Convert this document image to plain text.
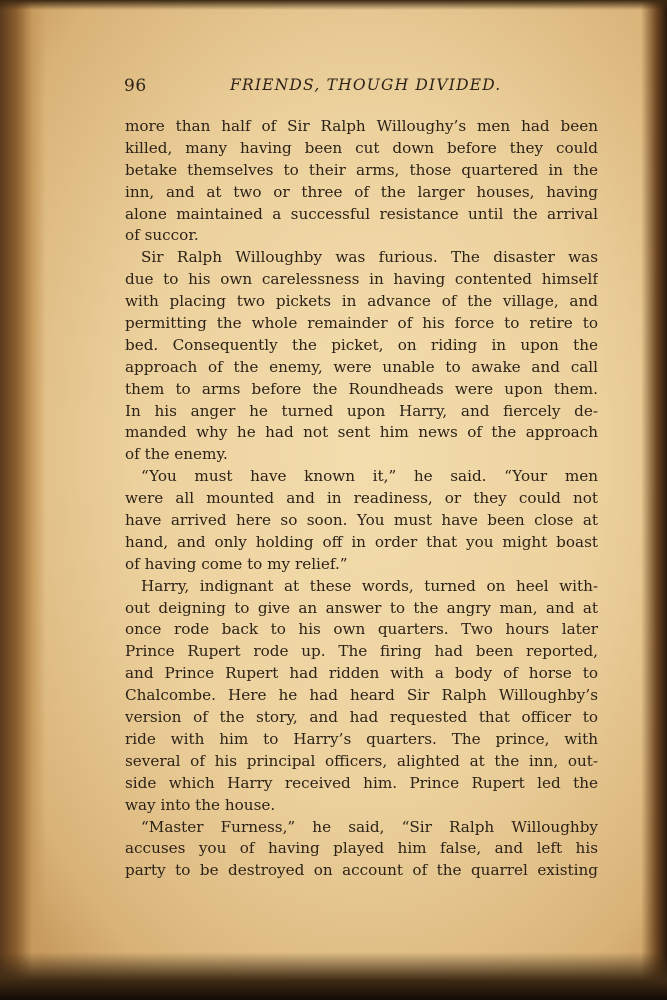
96	FRIENDS, THOUGH DIVIDED.
more than half of Sir Ralph Willoughy’s men had been
killed, many having been cut down before they could
betake themselves to their arms, those quartered in the
inn, and at two or three of the larger houses, having
alone maintained a successful resistance until the arrival
of succor.
Sir Ralph Willoughby was furious. The disaster was
due to his own carelessness in having contented himself
with placing two pickets in advance of the village, and
permitting the whole remainder of his force to retire to
bed. Consequently the picket, on riding in upon the
approach of the enemy, were unable to awake and call
them to arms before the Roundheads were upon them.
In his anger he turned upon Harry, and fiercely de-
manded why he had not sent him news of the approach
of the enemy.
“You must have known it,” he said. “Your men
were all mounted and in readiness, or they could not
have arrived here so soon. You must have been close at
hand, and only holding off in order that you might boast
of having come to my relief.”
Harry, indignant at these words, turned on heel with-
out deigning to give an answer to the angry man, and at
once rode back to his own quarters. Two hours later
Prince Rupert rode up. The firing had been reported,
and Prince Rupert had ridden with a body of horse to
Chalcombe. Here he had heard Sir Ralph Willoughby’s
version of the story, and had requested that officer to
ride with him to Harry’s quarters. The prince, with
several of his principal officers, alighted at the inn, out-
side which Harry received him. Prince Rupert led the
way into the house.
“Master Furness,” he said, “Sir Ralph Willoughby
accuses you of having played him false, and left his
party to be destroyed on account of the quarrel existing
